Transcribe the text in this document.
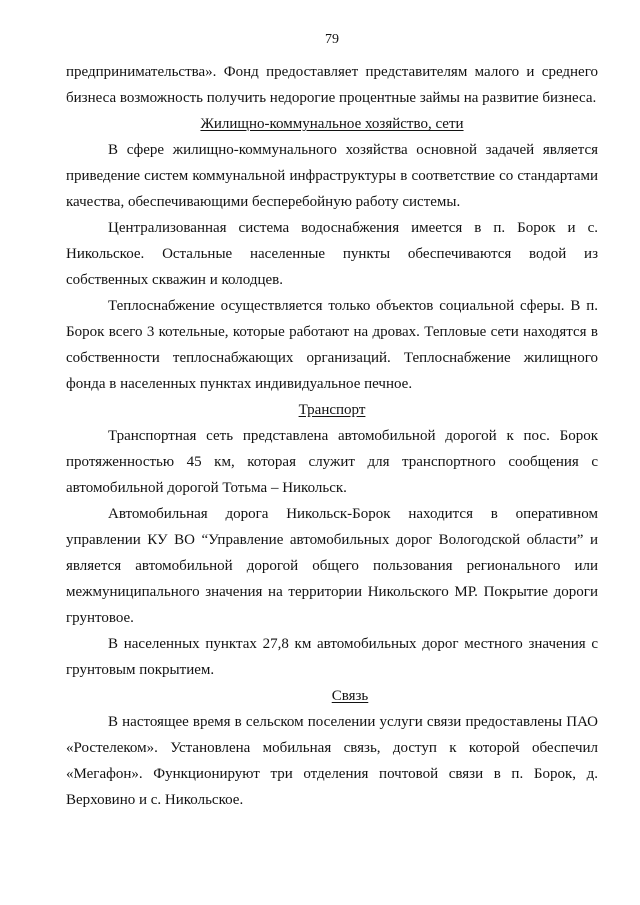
79
предпринимательства». Фонд предоставляет представителям малого и среднего
бизнеса возможность получить недорогие процентные займы на развитие бизнеса.
Жилищно-коммунальное хозяйство, сети
В сфере жилищно-коммунального хозяйства основной задачей является
приведение систем коммунальной инфраструктуры в соответствие со стандартами
качества, обеспечивающими бесперебойную работу системы.
Централизованная система водоснабжения имеется в п. Борок и с.
Никольское. Остальные населенные пункты обеспечиваются водой из
собственных скважин и колодцев.
Теплоснабжение осуществляется только объектов социальной сферы. В п.
Борок всего 3 котельные, которые работают на дровах. Тепловые сети находятся в
собственности теплоснабжающих организаций. Теплоснабжение жилищного
фонда в населенных пунктах индивидуальное печное.
Транспорт
Транспортная сеть представлена автомобильной дорогой к пос. Борок
протяженностью 45 км, которая служит для транспортного сообщения с
автомобильной дорогой Тотьма – Никольск.
Автомобильная дорога Никольск-Борок находится в оперативном
управлении КУ ВО “Управление автомобильных дорог Вологодской области” и
является автомобильной дорогой общего пользования регионального или
межмуниципального значения на территории Никольского МР. Покрытие дороги
грунтовое.
В населенных пунктах 27,8 км автомобильных дорог местного значения с
грунтовым покрытием.
Связь
В настоящее время в сельском поселении услуги связи предоставлены ПАО
«Ростелеком». Установлена мобильная связь, доступ к которой обеспечил
«Мегафон». Функционируют три отделения почтовой связи в п. Борок, д.
Верховино и с. Никольское.
